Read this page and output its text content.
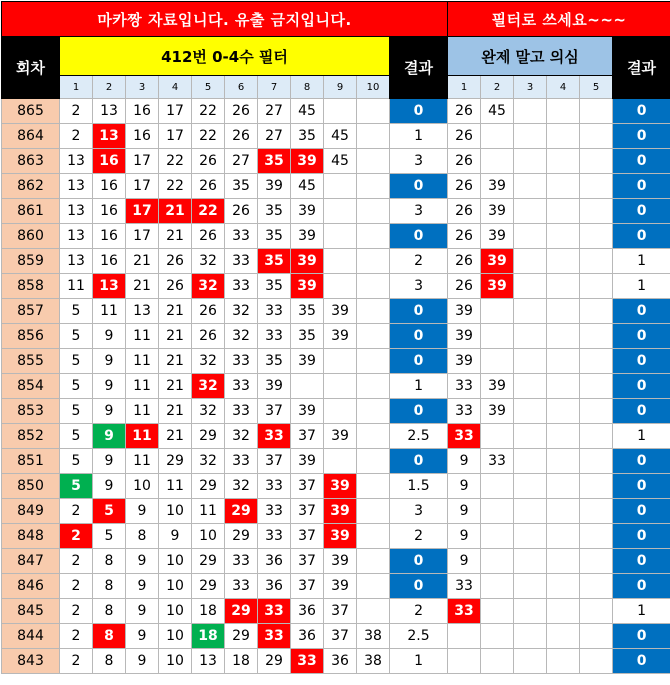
마카짱 자료입니다. 유출 금지입니다.												필터로 쓰세요~~~					
회차	412번 0-4수 필터										결과	완제 말고 의심					결과
	1	2	3	4	5	6	7	8	9	10		1	2	3	4	5	
865	2	13	16	17	22	26	27	45			0	26	45				0
864	2	13	16	17	22	26	27	35	45		1	26					0
863	13	16	17	22	26	27	35	39	45		3	26					0
862	13	16	17	22	26	35	39	45			0	26	39				0
861	13	16	17	21	22	26	35	39			3	26	39				0
860	13	16	17	21	26	33	35	39			0	26	39				0
859	13	16	21	26	32	33	35	39			2	26	39				1
858	11	13	21	26	32	33	35	39			3	26	39				1
857	5	11	13	21	26	32	33	35	39		0	39					0
856	5	9	11	21	26	32	33	35	39		0	39					0
855	5	9	11	21	32	33	35	39			0	39					0
854	5	9	11	21	32	33	39				1	33	39				0
853	5	9	11	21	32	33	37	39			0	33	39				0
852	5	9	11	21	29	32	33	37	39		2.5	33					1
851	5	9	11	29	32	33	37	39			0	9	33				0
850	5	9	10	11	29	32	33	37	39		1.5	9					0
849	2	5	9	10	11	29	33	37	39		3	9					0
848	2	5	8	9	10	29	33	37	39		2	9					0
847	2	8	9	10	29	33	36	37	39		0	9					0
846	2	8	9	10	29	33	36	37	39		0	33					0
845	2	8	9	10	18	29	33	36	37		2	33					1
844	2	8	9	10	18	29	33	36	37	38	2.5						0
843	2	8	9	10	13	18	29	33	36	38	1						0
